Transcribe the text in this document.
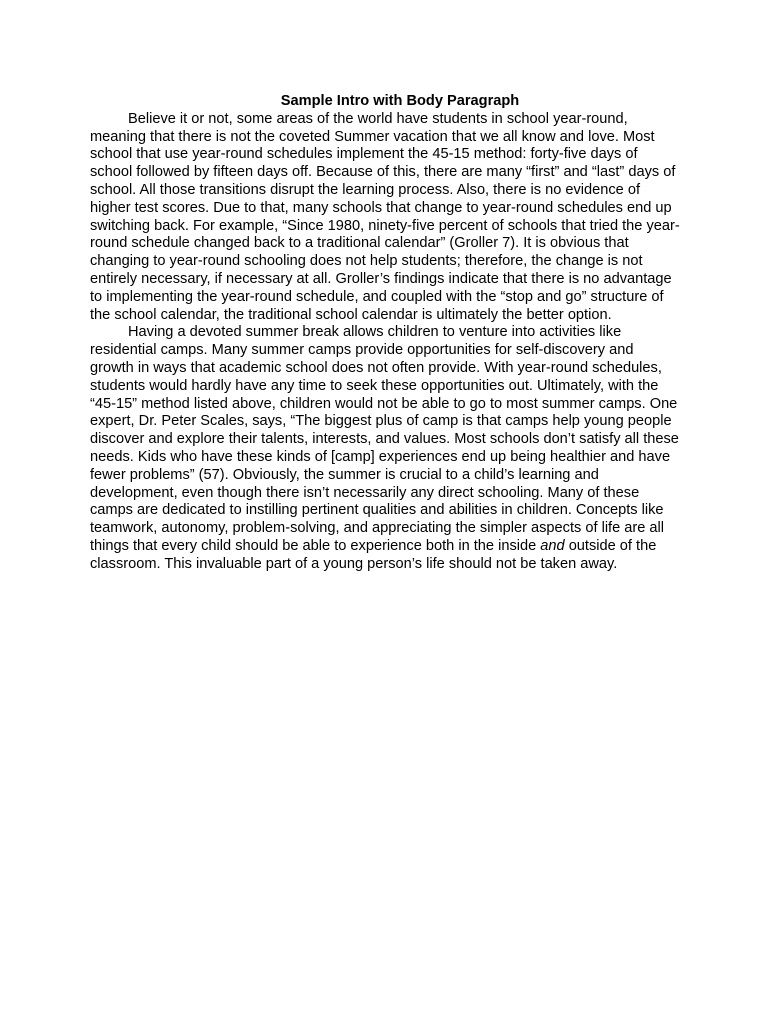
Sample Intro with Body Paragraph

Believe it or not, some areas of the world have students in school year-round, meaning that there is not the coveted Summer vacation that we all know and love. Most school that use year-round schedules implement the 45-15 method: forty-five days of school followed by fifteen days off. Because of this, there are many “first” and “last” days of school. All those transitions disrupt the learning process. Also, there is no evidence of higher test scores. Due to that, many schools that change to year-round schedules end up switching back. For example, “Since 1980, ninety-five percent of schools that tried the year-round schedule changed back to a traditional calendar” (Groller 7). It is obvious that changing to year-round schooling does not help students; therefore, the change is not entirely necessary, if necessary at all. Groller’s findings indicate that there is no advantage to implementing the year-round schedule, and coupled with the “stop and go” structure of the school calendar, the traditional school calendar is ultimately the better option.

Having a devoted summer break allows children to venture into activities like residential camps. Many summer camps provide opportunities for self-discovery and growth in ways that academic school does not often provide. With year-round schedules, students would hardly have any time to seek these opportunities out. Ultimately, with the “45-15” method listed above, children would not be able to go to most summer camps. One expert, Dr. Peter Scales, says, “The biggest plus of camp is that camps help young people discover and explore their talents, interests, and values. Most schools don’t satisfy all these needs. Kids who have these kinds of [camp] experiences end up being healthier and have fewer problems” (57). Obviously, the summer is crucial to a child’s learning and development, even though there isn’t necessarily any direct schooling. Many of these camps are dedicated to instilling pertinent qualities and abilities in children. Concepts like teamwork, autonomy, problem-solving, and appreciating the simpler aspects of life are all things that every child should be able to experience both in the inside and outside of the classroom. This invaluable part of a young person’s life should not be taken away.
